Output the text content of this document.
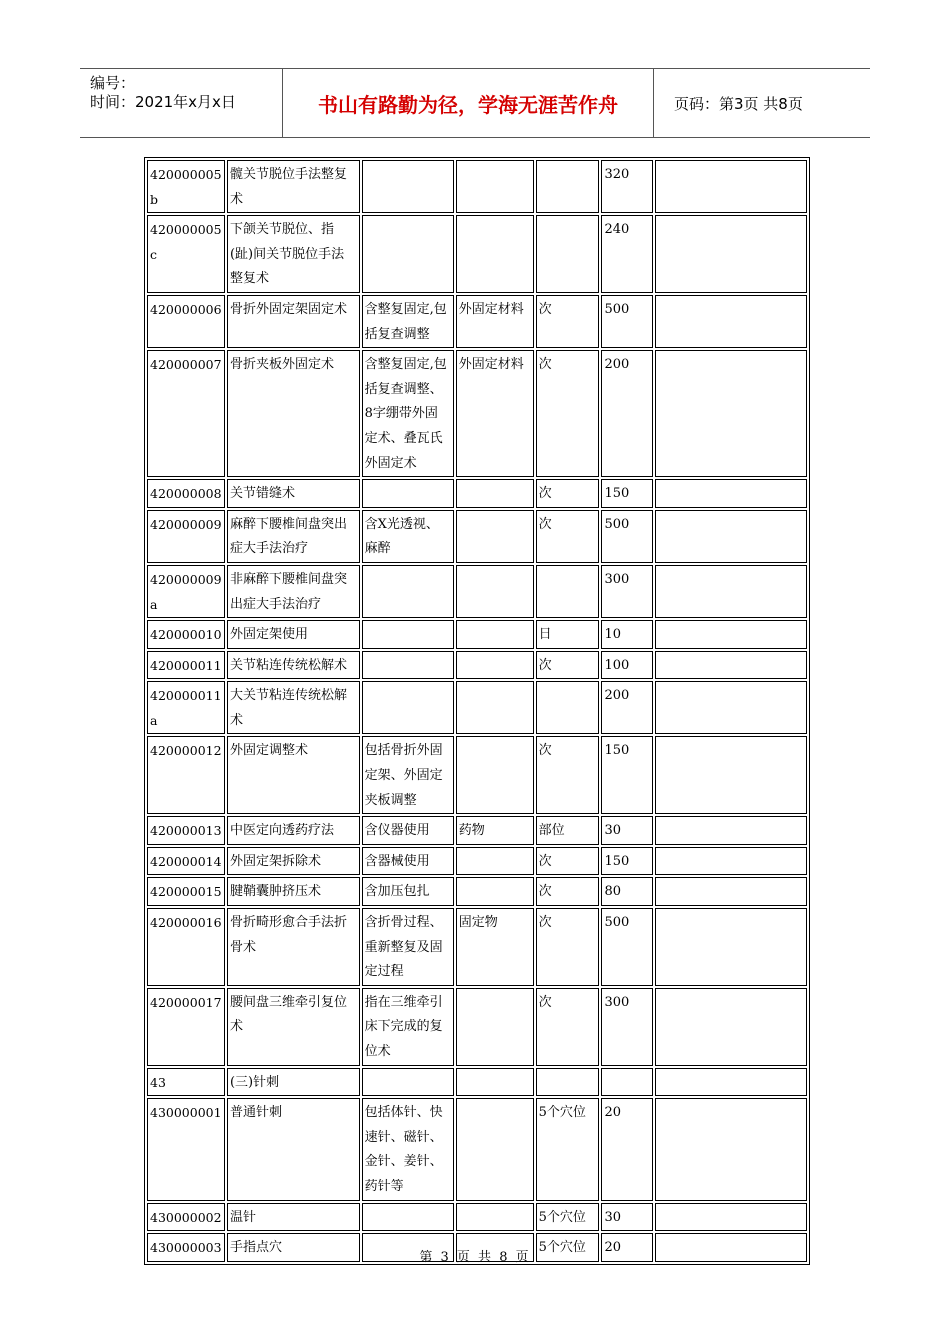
编号：
时间：2021年x月x日	书山有路勤为径，学海无涯苦作舟	页码：第3页 共8页
420000005b	髋关节脱位手法整复术				320	
420000005c	下颌关节脱位、指(趾)间关节脱位手法整复术				240	
420000006	骨折外固定架固定术	含整复固定,包括复查调整	外固定材料	次	500	
420000007	骨折夹板外固定术	含整复固定,包括复查调整、8字绷带外固定术、叠瓦氏外固定术	外固定材料	次	200	
420000008	关节错缝术			次	150	
420000009	麻醉下腰椎间盘突出症大手法治疗	含X光透视、麻醉		次	500	
420000009a	非麻醉下腰椎间盘突出症大手法治疗				300	
420000010	外固定架使用			日	10	
420000011	关节粘连传统松解术			次	100	
420000011a	大关节粘连传统松解术				200	
420000012	外固定调整术	包括骨折外固定架、外固定夹板调整		次	150	
420000013	中医定向透药疗法	含仪器使用	药物	部位	30	
420000014	外固定架拆除术	含器械使用		次	150	
420000015	腱鞘囊肿挤压术	含加压包扎		次	80	
420000016	骨折畸形愈合手法折骨术	含折骨过程、重新整复及固定过程	固定物	次	500	
420000017	腰间盘三维牵引复位术	指在三维牵引床下完成的复位术		次	300	
43	(三)针刺					
430000001	普通针刺	包括体针、快速针、磁针、金针、姜针、药针等		5个穴位	20	
430000002	温针			5个穴位	30	
430000003	手指点穴			5个穴位	20	
第 3 页 共 8 页
